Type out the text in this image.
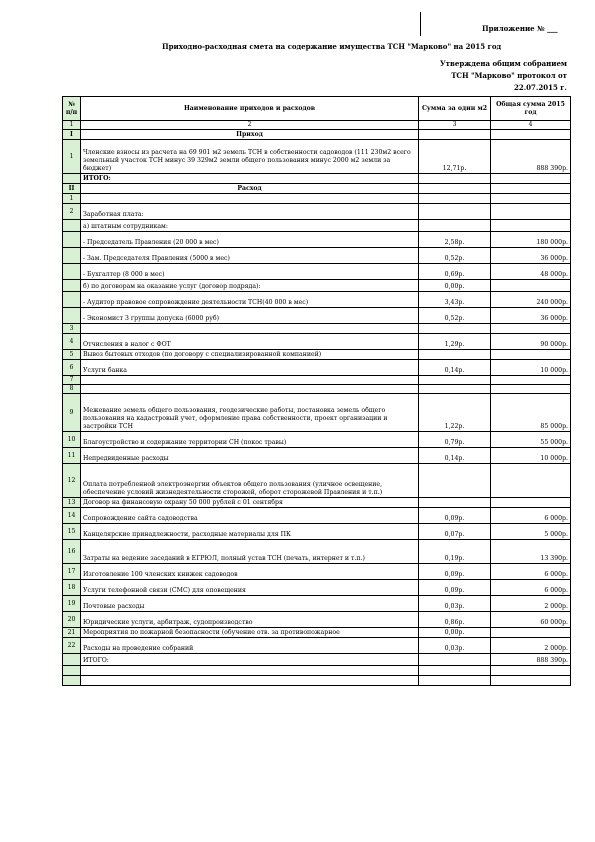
Приложение № ___
Приходно-расходная смета на содержание имущества ТСН "Марково" на 2015 год
Утверждена общим собранием
ТСН "Марково" протокол от
22.07.2015 г.
№ п/п	Наименование приходов и расходов	Сумма за один м2	Общая сумма 2015 год
1	2	3	4
I	Приход		
1	Членские взносы из расчета на 69 901 м2 земель ТСН в собственности садоводов (111 230м2 всего земельный участок ТСН минус 39 329м2 земли общего пользования минус 2000 м2 земли за бюджет)	12,71р.	888 390р.
	ИТОГО:		
II	Расход		
1			
2	Заработная плата:		
	а) штатным сотрудникам:		
	- Председатель Правления (20 000 в мес)	2,58р.	180 000р.
	- Зам. Председателя Правления (5000 в мес)	0,52р.	36 000р.
	- Бухгалтер (8 000 в мес)	0,69р.	48 000р.
	б) по договорам на оказание услуг (договор подряда):	0,00р.	
	- Аудитор правовое сопровождение деятельности ТСН(40 000 в мес)	3,43р.	240 000р.
	- Экономист 3 группы допуска (6000 руб)	0,52р.	36 000р.
3			
4	Отчисления в налог с ФОТ	1,29р.	90 000р.
5	Вывоз бытовых отходов (по договору с специализированной компанией)		
6	Услуги банка	0,14р.	10 000р.
7			
8			
9	Межевание земель общего пользования, геодезические работы, постановка земель общего пользования на кадастровый учет, оформление права собственности, проект организации и застройки ТСН	1,22р.	85 000р.
10	Благоустройство и содержание территории СН (покос травы)	0,79р.	55 000р.
11	Непредвиденные расходы	0,14р.	10 000р.
12	Оплата потребленной электроэнергии объектов общего пользования (уличное освещение, обеспечение условий жизнедеятельности сторожей, оборот сторожевой Правления и т.п.)		
13	Договор на финансовую охрану 50 000 рублей с 01 сентября		
14	Сопровождение сайта садоводства	0,09р.	6 000р.
15	Канцелярские принадлежности, расходные материалы для ПК	0,07р.	5 000р.
16	Затраты на ведение заседаний в ЕГРЮЛ, полный устав ТСН (печать, интернет и т.п.)	0,19р.	13 390р.
17	Изготовление 100 членских книжек садоводов	0,09р.	6 000р.
18	Услуги телефонной связи (СМС) для оповещения	0,09р.	6 000р.
19	Почтовые расходы	0,03р.	2 000р.
20	Юридические услуги, арбитраж, судопроизводство	0,86р.	60 000р.
21	Мероприятия по пожарной безопасности (обучение отв. за противопожарное	0,00р.	
22	Расходы на проведение собраний	0,03р.	2 000р.
	ИТОГО:		888 390р.
